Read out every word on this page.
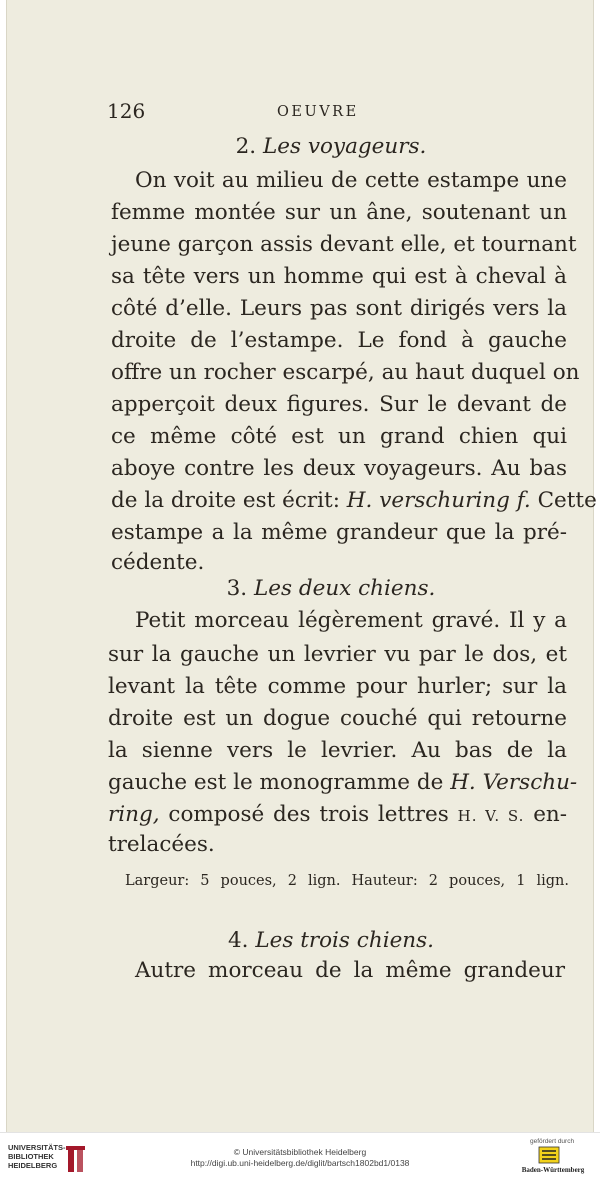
126	OEUVRE
2. Les voyageurs.
On voit au milieu de cette estampe une
femme montée sur un âne, soutenant un
jeune garçon assis devant elle, et tournant
sa tête vers un homme qui est à cheval à
côté d’elle. Leurs pas sont dirigés vers la
droite de l’estampe. Le fond à gauche
offre un rocher escarpé, au haut duquel on
apperçoit deux figures. Sur le devant de
ce même côté est un grand chien qui
aboye contre les deux voyageurs. Au bas
de la droite est écrit: H. verschuring f. Cette
estampe a la même grandeur que la pré-
cédente.
3. Les deux chiens.
Petit morceau légèrement gravé. Il y a
sur la gauche un levrier vu par le dos, et
levant la tête comme pour hurler; sur la
droite est un dogue couché qui retourne
la sienne vers le levrier. Au bas de la
gauche est le monogramme de H. Verschu-
ring, composé des trois lettres H. V. S. en-
trelacées.
Largeur: 5 pouces, 2 lign. Hauteur: 2 pouces, 1 lign.
4. Les trois chiens.
Autre morceau de la même grandeur
UNIVERSITÄTS-
BIBLIOTHEK
HEIDELBERG
© Universitätsbibliothek Heidelberg
http://digi.ub.uni-heidelberg.de/diglit/bartsch1802bd1/0138
gefördert durch
Baden-Württemberg
